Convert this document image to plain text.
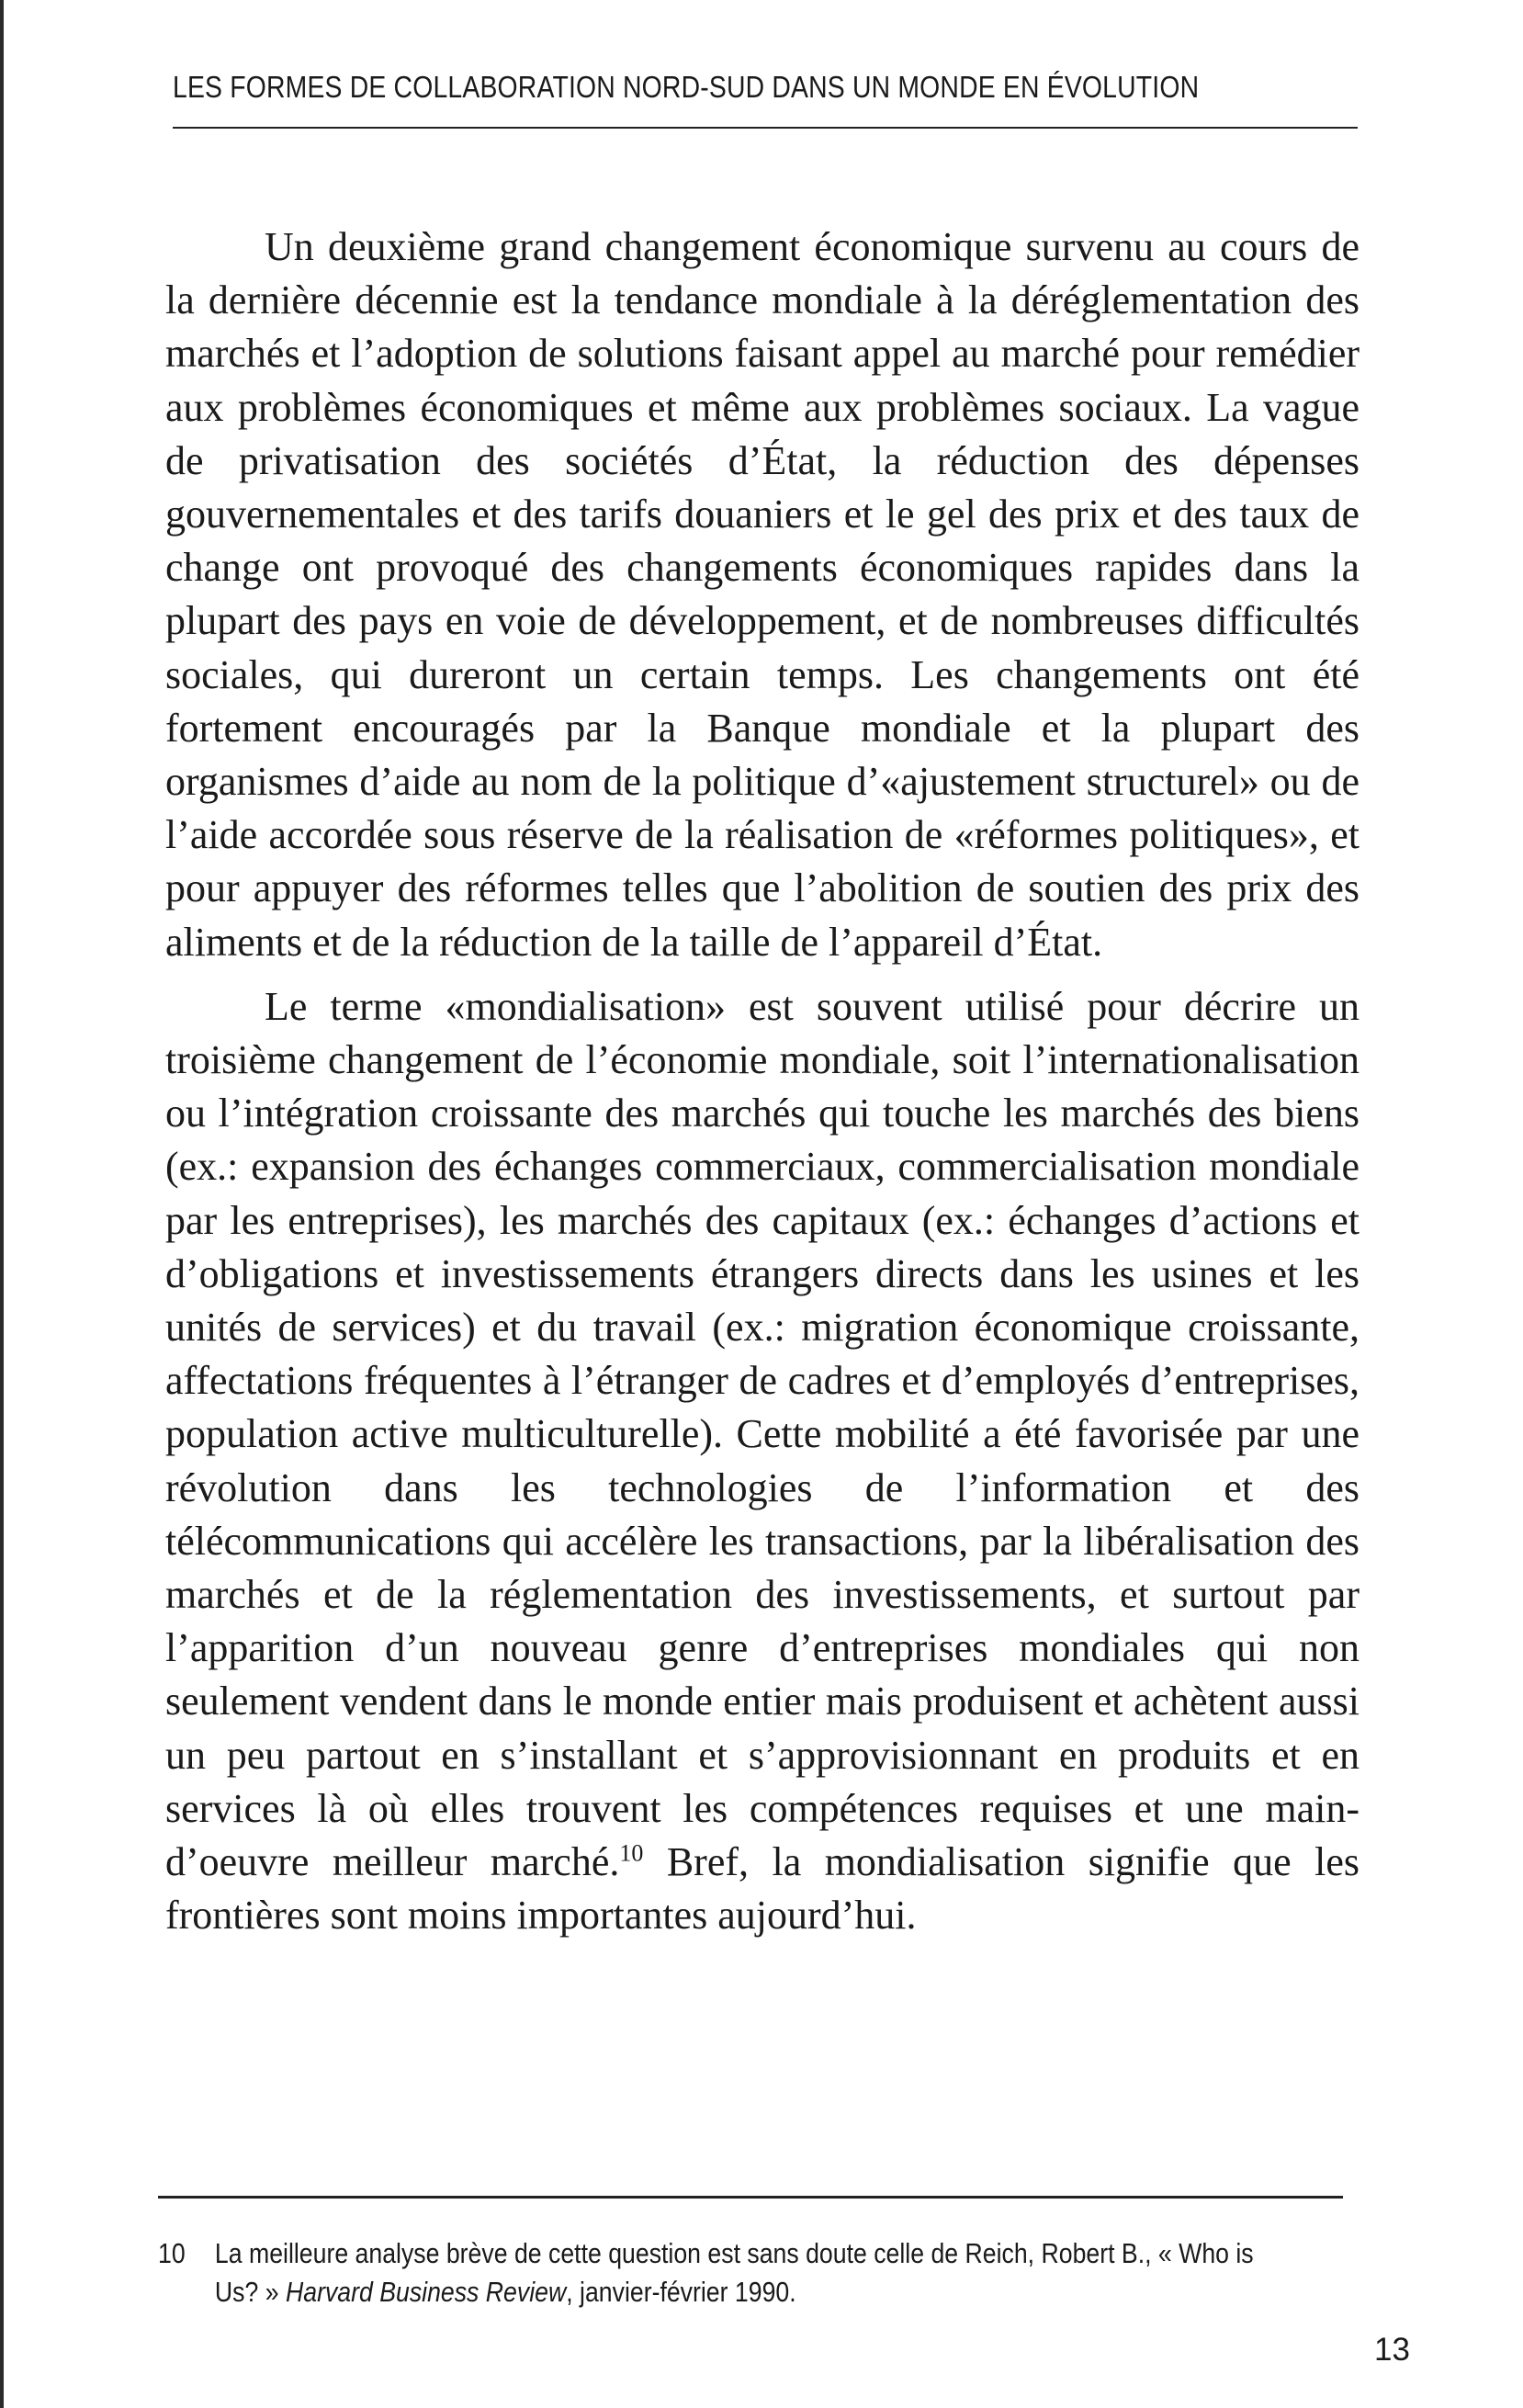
LES FORMES DE COLLABORATION NORD-SUD DANS UN MONDE EN ÉVOLUTION

Un deuxième grand changement économique survenu au cours de la dernière décennie est la tendance mondiale à la déréglementation des marchés et l’adoption de solutions faisant appel au marché pour remédier aux problèmes économiques et même aux problèmes sociaux. La vague de privatisation des sociétés d’État, la réduction des dépenses gouvernementales et des tarifs douaniers et le gel des prix et des taux de change ont provoqué des changements économiques rapides dans la plupart des pays en voie de développement, et de nombreuses difficultés sociales, qui dureront un certain temps. Les changements ont été fortement encouragés par la Banque mondiale et la plupart des organismes d’aide au nom de la politique d’«ajustement structurel» ou de l’aide accordée sous réserve de la réalisation de «réformes politiques», et pour appuyer des réformes telles que l’abolition de soutien des prix des aliments et de la réduction de la taille de l’appareil d’État.

Le terme «mondialisation» est souvent utilisé pour décrire un troisième changement de l’économie mondiale, soit l’internationalisation ou l’intégration croissante des marchés qui touche les marchés des biens (ex.: expansion des échanges commerciaux, commercialisation mondiale par les entreprises), les marchés des capitaux (ex.: échanges d’actions et d’obligations et investissements étrangers directs dans les usines et les unités de services) et du travail (ex.: migration économique croissante, affectations fréquentes à l’étranger de cadres et d’employés d’entreprises, population active multiculturelle). Cette mobilité a été favorisée par une révolution dans les technologies de l’information et des télécommunications qui accélère les transactions, par la libéralisation des marchés et de la réglementation des investissements, et surtout par l’apparition d’un nouveau genre d’entreprises mondiales qui non seulement vendent dans le monde entier mais produisent et achètent aussi un peu partout en s’installant et s’approvisionnant en produits et en services là où elles trouvent les compétences requises et une main-d’oeuvre meilleur marché.$^{10}$ Bref, la mondialisation signifie que les frontières sont moins importantes aujourd’hui.

10 La meilleure analyse brève de cette question est sans doute celle de Reich, Robert B., « Who is Us? » Harvard Business Review, janvier-février 1990.
13
